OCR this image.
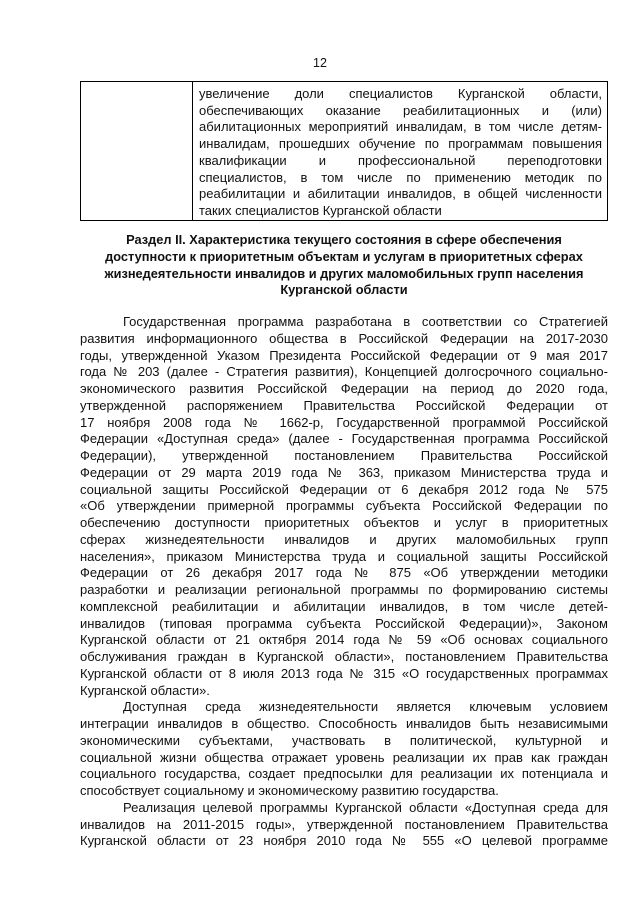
12

увеличение доли специалистов Курганской области,
обеспечивающих оказание реабилитационных и (или)
абилитационных мероприятий инвалидам, в том числе детям-
инвалидам, прошедших обучение по программам повышения
квалификации и профессиональной переподготовки
специалистов, в том числе по применению методик по
реабилитации и абилитации инвалидов, в общей численности
таких специалистов Курганской области
Раздел II. Характеристика текущего состояния в сфере обеспечения
доступности к приоритетным объектам и услугам в приоритетных сферах
жизнедеятельности инвалидов и других маломобильных групп населения
Курганской области
Государственная программа разработана в соответствии со Стратегией
развития информационного общества в Российской Федерации на 2017-2030
годы, утвержденной Указом Президента Российской Федерации от 9 мая 2017
года № 203 (далее - Стратегия развития), Концепцией долгосрочного социально-
экономического развития Российской Федерации на период до 2020 года,
утвержденной распоряжением Правительства Российской Федерации от
17 ноября 2008 года № 1662-р, Государственной программой Российской
Федерации «Доступная среда» (далее - Государственная программа Российской
Федерации), утвержденной постановлением Правительства Российской
Федерации от 29 марта 2019 года № 363, приказом Министерства труда и
социальной защиты Российской Федерации от 6 декабря 2012 года № 575
«Об утверждении примерной программы субъекта Российской Федерации по
обеспечению доступности приоритетных объектов и услуг в приоритетных
сферах жизнедеятельности инвалидов и других маломобильных групп
населения», приказом Министерства труда и социальной защиты Российской
Федерации от 26 декабря 2017 года № 875 «Об утверждении методики
разработки и реализации региональной программы по формированию системы
комплексной реабилитации и абилитации инвалидов, в том числе детей-
инвалидов (типовая программа субъекта Российской Федерации)», Законом
Курганской области от 21 октября 2014 года № 59 «Об основах социального
обслуживания граждан в Курганской области», постановлением Правительства
Курганской области от 8 июля 2013 года № 315 «О государственных программах
Курганской области».
Доступная среда жизнедеятельности является ключевым условием
интеграции инвалидов в общество. Способность инвалидов быть независимыми
экономическими субъектами, участвовать в политической, культурной и
социальной жизни общества отражает уровень реализации их прав как граждан
социального государства, создает предпосылки для реализации их потенциала и
способствует социальному и экономическому развитию государства.
Реализация целевой программы Курганской области «Доступная среда для
инвалидов на 2011-2015 годы», утвержденной постановлением Правительства
Курганской области от 23 ноября 2010 года № 555 «О целевой программе
